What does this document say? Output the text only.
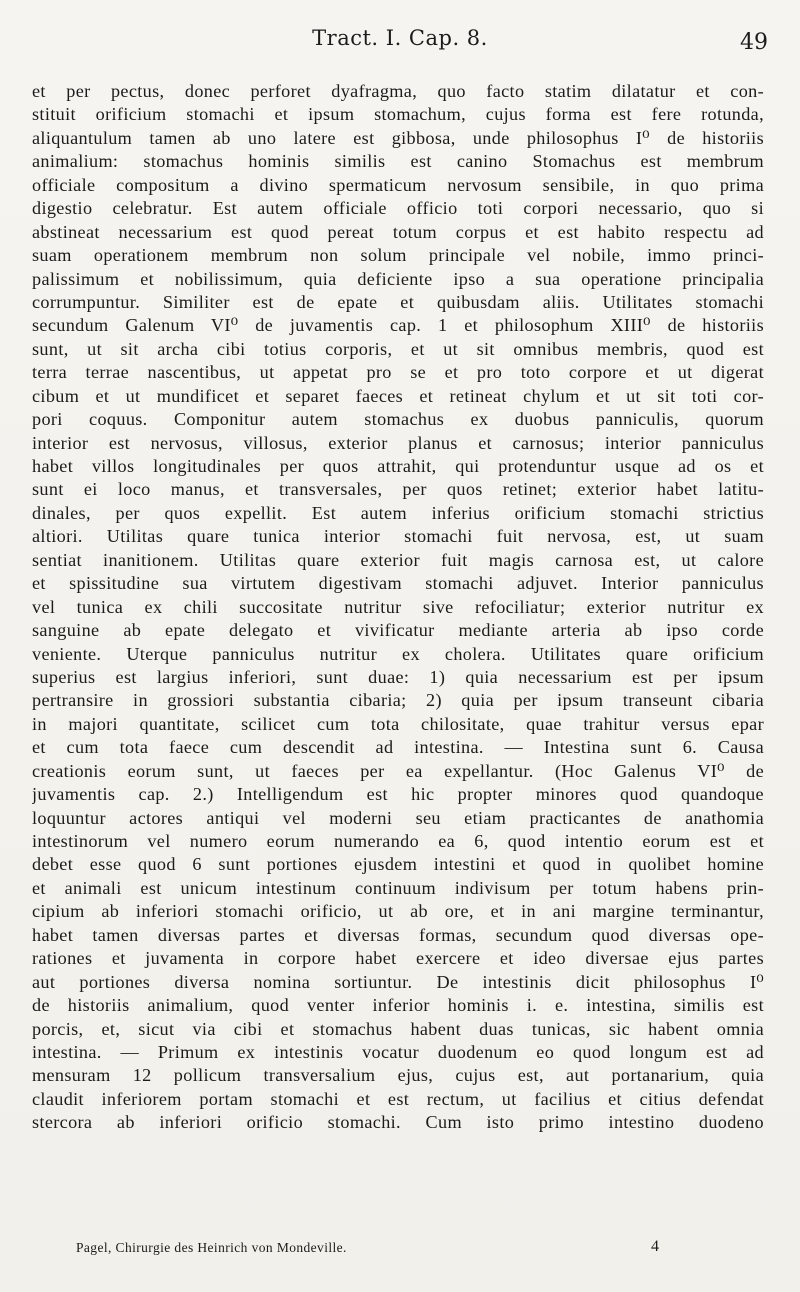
Tract. I. Cap. 8.	49
et per pectus, donec perforet dyafragma, quo facto statim dilatatur et con-
stituit orificium stomachi et ipsum stomachum, cujus forma est fere rotunda,
aliquantulum tamen ab uno latere est gibbosa, unde philosophus I⁰ de historiis
animalium: stomachus hominis similis est canino Stomachus est membrum
officiale compositum a divino spermaticum nervosum sensibile, in quo prima
digestio celebratur. Est autem officiale officio toti corpori necessario, quo si
abstineat necessarium est quod pereat totum corpus et est habito respectu ad
suam operationem membrum non solum principale vel nobile, immo princi-
palissimum et nobilissimum, quia deficiente ipso a sua operatione principalia
corrumpuntur. Similiter est de epate et quibusdam aliis. Utilitates stomachi
secundum Galenum VI⁰ de juvamentis cap. 1 et philosophum XIII⁰ de historiis
sunt, ut sit archa cibi totius corporis, et ut sit omnibus membris, quod est
terra terrae nascentibus, ut appetat pro se et pro toto corpore et ut digerat
cibum et ut mundificet et separet faeces et retineat chylum et ut sit toti cor-
pori coquus. Componitur autem stomachus ex duobus panniculis, quorum
interior est nervosus, villosus, exterior planus et carnosus; interior panniculus
habet villos longitudinales per quos attrahit, qui protenduntur usque ad os et
sunt ei loco manus, et transversales, per quos retinet; exterior habet latitu-
dinales, per quos expellit. Est autem inferius orificium stomachi strictius
altiori. Utilitas quare tunica interior stomachi fuit nervosa, est, ut suam
sentiat inanitionem. Utilitas quare exterior fuit magis carnosa est, ut calore
et spissitudine sua virtutem digestivam stomachi adjuvet. Interior panniculus
vel tunica ex chili succositate nutritur sive refociliatur; exterior nutritur ex
sanguine ab epate delegato et vivificatur mediante arteria ab ipso corde
veniente. Uterque panniculus nutritur ex cholera. Utilitates quare orificium
superius est largius inferiori, sunt duae: 1) quia necessarium est per ipsum
pertransire in grossiori substantia cibaria; 2) quia per ipsum transeunt cibaria
in majori quantitate, scilicet cum tota chilositate, quae trahitur versus epar
et cum tota faece cum descendit ad intestina. — Intestina sunt 6. Causa
creationis eorum sunt, ut faeces per ea expellantur. (Hoc Galenus VI⁰ de
juvamentis cap. 2.) Intelligendum est hic propter minores quod quandoque
loquuntur actores antiqui vel moderni seu etiam practicantes de anathomia
intestinorum vel numero eorum numerando ea 6, quod intentio eorum est et
debet esse quod 6 sunt portiones ejusdem intestini et quod in quolibet homine
et animali est unicum intestinum continuum indivisum per totum habens prin-
cipium ab inferiori stomachi orificio, ut ab ore, et in ani margine terminantur,
habet tamen diversas partes et diversas formas, secundum quod diversas ope-
rationes et juvamenta in corpore habet exercere et ideo diversae ejus partes
aut portiones diversa nomina sortiuntur. De intestinis dicit philosophus I⁰
de historiis animalium, quod venter inferior hominis i. e. intestina, similis est
porcis, et, sicut via cibi et stomachus habent duas tunicas, sic habent omnia
intestina. — Primum ex intestinis vocatur duodenum eo quod longum est ad
mensuram 12 pollicum transversalium ejus, cujus est, aut portanarium, quia
claudit inferiorem portam stomachi et est rectum, ut facilius et citius defendat
stercora ab inferiori orificio stomachi. Cum isto primo intestino duodeno
Pagel, Chirurgie des Heinrich von Mondeville.	4
